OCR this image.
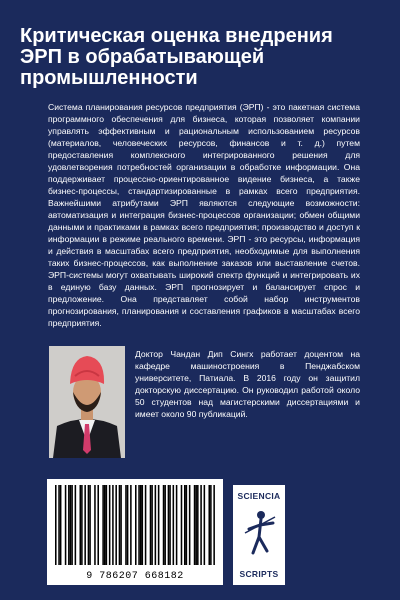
Критическая оценка внедрения ЭРП в обрабатывающей промышленности

Система планирования ресурсов предприятия (ЭРП) - это пакетная система программного обеспечения для бизнеса, которая позволяет компании управлять эффективным и рациональным использованием ресурсов (материалов, человеческих ресурсов, финансов и т. д.) путем предоставления комплексного интегрированного решения для удовлетворения потребностей организации в обработке информации. Она поддерживает процессно-ориентированное видение бизнеса, а также бизнес-процессы, стандартизированные в рамках всего предприятия. Важнейшими атрибутами ЭРП являются следующие возможности: автоматизация и интеграция бизнес-процессов организации; обмен общими данными и практиками в рамках всего предприятия; производство и доступ к информации в режиме реального времени. ЭРП - это ресурсы, информация и действия в масштабах всего предприятия, необходимые для выполнения таких бизнес-процессов, как выполнение заказов или выставление счетов. ЭРП-системы могут охватывать широкий спектр функций и интегрировать их в единую базу данных. ЭРП прогнозирует и балансирует спрос и предложение. Она представляет собой набор инструментов прогнозирования, планирования и составления графиков в масштабах всего предприятия.

Доктор Чандан Дип Сингх работает доцентом на кафедре машиностроения в Пенджабском университете, Патиала. В 2016 году он защитил докторскую диссертацию. Он руководил работой около 50 студентов над магистерскими диссертациями и имеет около 90 публикаций.

9 786207 668182
SCIENCIA
SCRIPTS
